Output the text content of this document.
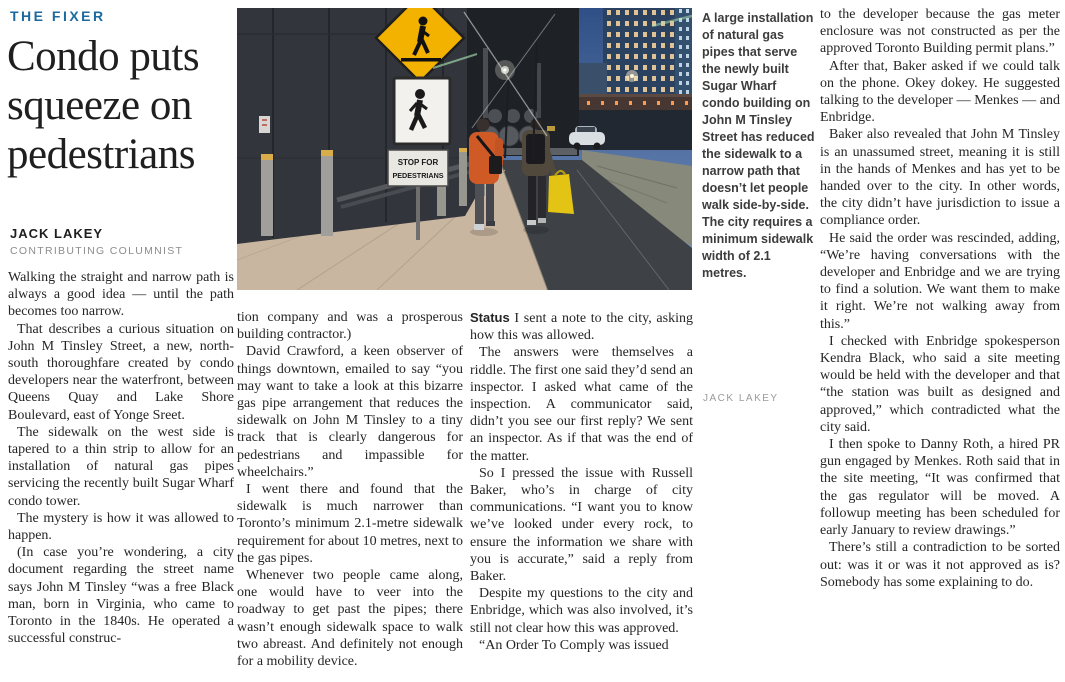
THE FIXER
Condo puts
squeeze on
pedestrians
JACK LAKEY
CONTRIBUTING COLUMNIST

Walking the straight and narrow path is always a good idea — until the path becomes too narrow.

That describes a curious situation on John M Tinsley Street, a new, north-south thoroughfare created by condo developers near the waterfront, between Queens Quay and Lake Shore Boulevard, east of Yonge Sreet.

The sidewalk on the west side is tapered to a thin strip to allow for an installation of natural gas pipes servicing the recently built Sugar Wharf condo tower.

The mystery is how it was allowed to happen.

(In case you’re wondering, a city document regarding the street name says John M Tinsley “was a free Black man, born in Virginia, who came to Toronto in the 1840s. He operated a successful construc-

STOP FOR
PEDESTRIANS

tion company and was a prosperous building contractor.)

David Crawford, a keen observer of things downtown, emailed to say “you may want to take a look at this bizarre gas pipe arrangement that reduces the sidewalk on John M Tinsley to a tiny track that is clearly dangerous for pedestrians and impassible for wheelchairs.”

I went there and found that the sidewalk is much narrower than Toronto’s minimum 2.1-metre sidewalk requirement for about 10 metres, next to the gas pipes.

Whenever two people came along, one would have to veer into the roadway to get past the pipes; there wasn’t enough sidewalk space to walk two abreast. And definitely not enough for a mobility device.

Status I sent a note to the city, asking how this was allowed.

The answers were themselves a riddle. The first one said they’d send an inspector. I asked what came of the inspection. A communicator said, didn’t you see our first reply? We sent an inspector. As if that was the end of the matter.

So I pressed the issue with Russell Baker, who’s in charge of city communications. “I want you to know we’ve looked under every rock, to ensure the information we share with you is accurate,” said a reply from Baker.

Despite my questions to the city and Enbridge, which was also involved, it’s still not clear how this was approved.

“An Order To Comply was issued

A large installation of natural gas pipes that serve the newly built Sugar Wharf condo building on John M Tinsley Street has reduced the sidewalk to a narrow path that doesn’t let people walk side-by-side. The city requires a minimum sidewalk width of 2.1 metres.
JACK LAKEY

to the developer because the gas meter enclosure was not constructed as per the approved Toronto Building permit plans.”

After that, Baker asked if we could talk on the phone. Okey dokey. He suggested talking to the developer — Menkes — and Enbridge.

Baker also revealed that John M Tinsley is an unassumed street, meaning it is still in the hands of Menkes and has yet to be handed over to the city. In other words, the city didn’t have jurisdiction to issue a compliance order.

He said the order was rescinded, adding, “We’re having conversations with the developer and Enbridge and we are trying to find a solution. We want them to make it right. We’re not walking away from this.”

I checked with Enbridge spokesperson Kendra Black, who said a site meeting would be held with the developer and that “the station was built as designed and approved,” which contradicted what the city said.

I then spoke to Danny Roth, a hired PR gun engaged by Menkes. Roth said that in the site meeting, “It was confirmed that the gas regulator will be moved. A followup meeting has been scheduled for early January to review drawings.”

There’s still a contradiction to be sorted out: was it or was it not approved as is? Somebody has some explaining to do.
